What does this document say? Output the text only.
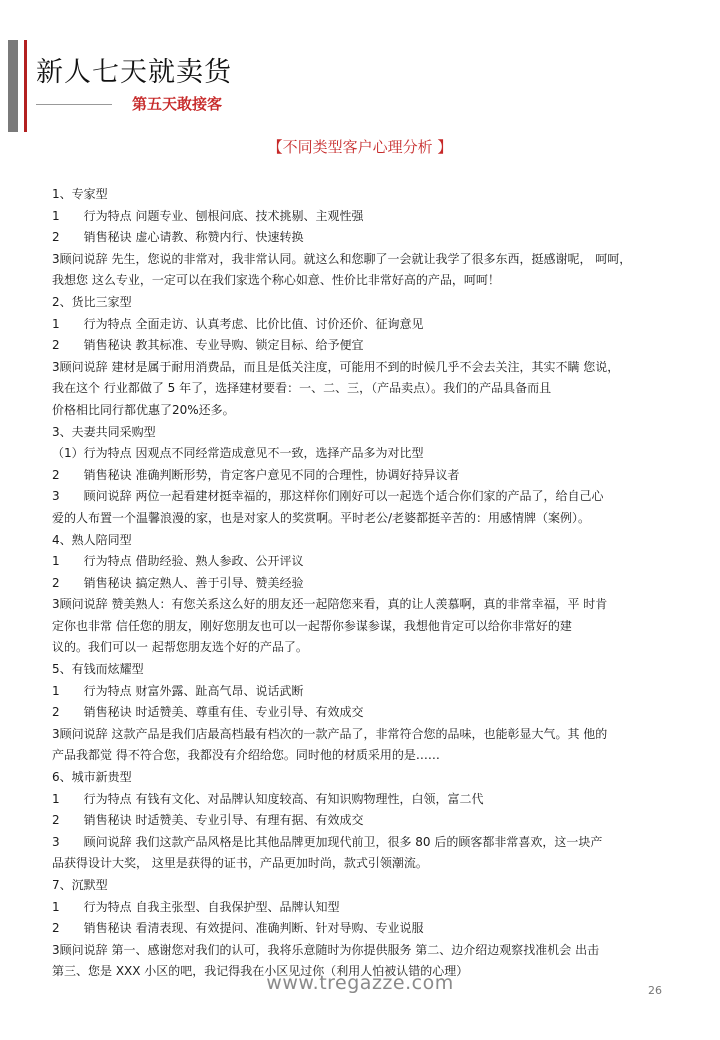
新人七天就卖货
第五天敢接客
【不同类型客户心理分析 】
1、专家型
1　　行为特点 问题专业、刨根问底、技术挑剔、主观性强
2　　销售秘诀 虚心请教、称赞内行、快速转换
3顾问说辞 先生，您说的非常对，我非常认同。就这么和您聊了一会就让我学了很多东西，挺感谢呢， 呵呵，
我想您 这么专业，一定可以在我们家选个称心如意、性价比非常好高的产品，呵呵！
2、货比三家型
1　　行为特点 全面走访、认真考虑、比价比值、讨价还价、征询意见
2　　销售秘诀 教其标准、专业导购、锁定目标、给予便宜
3顾问说辞 建材是属于耐用消费品，而且是低关注度，可能用不到的时候几乎不会去关注，其实不瞒 您说，
我在这个 行业都做了 5 年了，选择建材要看：一、二、三，（产品卖点）。我们的产品具备而且
价格相比同行都优惠了20%还多。
3、夫妻共同采购型
（1）行为特点 因观点不同经常造成意见不一致，选择产品多为对比型
2　　销售秘诀 准确判断形势，肯定客户意见不同的合理性，协调好持异议者
3　　顾问说辞 两位一起看建材挺幸福的，那这样你们刚好可以一起选个适合你们家的产品了，给自己心
爱的人布置一个温馨浪漫的家，也是对家人的奖赏啊。平时老公/老婆都挺辛苦的：用感情牌（案例）。
4、熟人陪同型
1　　行为特点 借助经验、熟人参政、公开评议
2　　销售秘诀 搞定熟人、善于引导、赞美经验
3顾问说辞 赞美熟人：有您关系这么好的朋友还一起陪您来看，真的让人羡慕啊，真的非常幸福，平 时肯
定你也非常 信任您的朋友，刚好您朋友也可以一起帮你参谋参谋，我想他肯定可以给你非常好的建
议的。我们可以一 起帮您朋友选个好的产品了。
5、有钱而炫耀型
1　　行为特点 财富外露、趾高气昂、说话武断
2　　销售秘诀 时适赞美、尊重有佳、专业引导、有效成交
3顾问说辞 这款产品是我们店最高档最有档次的一款产品了，非常符合您的品味，也能彰显大气。其 他的
产品我都觉 得不符合您，我都没有介绍给您。同时他的材质采用的是……
6、城市新贵型
1　　行为特点 有钱有文化、对品牌认知度较高、有知识购物理性，白领，富二代
2　　销售秘诀 时适赞美、专业引导、有理有据、有效成交
3　　顾问说辞 我们这款产品风格是比其他品牌更加现代前卫，很多 80 后的顾客都非常喜欢，这一块产
品获得设计大奖， 这里是获得的证书，产品更加时尚，款式引领潮流。
7、沉默型
1　　行为特点 自我主张型、自我保护型、品牌认知型
2　　销售秘诀 看清表现、有效提问、准确判断、针对导购、专业说服
3顾问说辞 第一、感谢您对我们的认可，我将乐意随时为你提供服务 第二、边介绍边观察找准机会 出击
第三、您是 XXX 小区的吧，我记得我在小区见过你（利用人怕被认错的心理）
www.tregazze.com	26
